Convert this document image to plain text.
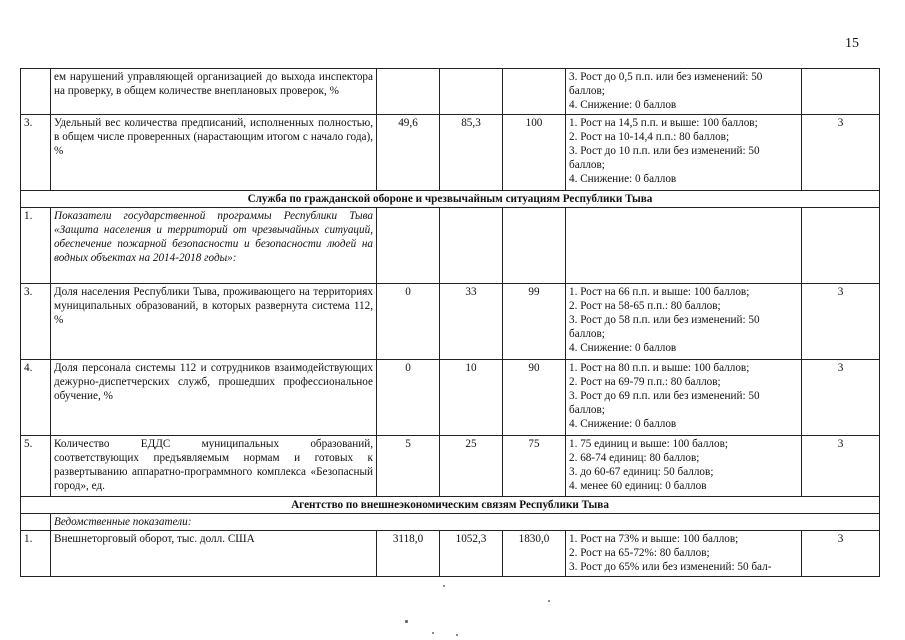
15
	ем нарушений управляющей организацией до выхода инспектора на проверку, в общем количестве внеплановых проверок, %				3. Рост до 0,5 п.п. или без изменений: 50 баллов;
4. Снижение: 0 баллов	

3.	Удельный вес количества предписаний, исполненных полностью, в общем числе проверенных (нарастающим итогом с начало года), %	49,6	85,3	100	1. Рост на 14,5 п.п. и выше: 100 баллов;
2. Рост на 10-14,4 п.п.: 80 баллов;
3. Рост до 10 п.п. или без изменений: 50 баллов;
4. Снижение: 0 баллов	3
Служба по гражданской обороне и чрезвычайным ситуациям Республики Тыва						
1.	Показатели государственной программы Республики Тыва «Защита населения и территорий от чрезвычайных ситуаций, обеспечение пожарной безопасности и безопасности людей на водных объектах на 2014-2018 годы»:					
3.	Доля населения Республики Тыва, проживающего на территориях муниципальных образований, в которых развернута система 112, %	0	33	99	1. Рост на 66 п.п. и выше: 100 баллов;
2. Рост на 58-65 п.п.: 80 баллов;
3. Рост до 58 п.п. или без изменений: 50 баллов;
4. Снижение: 0 баллов	3
4.	Доля персонала системы 112 и сотрудников взаимодействующих дежурно-диспетчерских служб, прошедших профессиональное обучение, %	0	10	90	1. Рост на 80 п.п. и выше: 100 баллов;
2. Рост на 69-79 п.п.: 80 баллов;
3. Рост до 69 п.п. или без изменений: 50 баллов;
4. Снижение: 0 баллов	3
5.	Количество ЕДДС муниципальных образований, соответствующих предъявляемым нормам и готовых к развертыванию аппаратно-программного комплекса «Безопасный город», ед.	5	25	75	1. 75 единиц и выше: 100 баллов;
2. 68-74 единиц: 80 баллов;
3. до 60-67 единиц: 50 баллов;
4. менее 60 единиц: 0 баллов	3
Агентство по внешнеэкономическим связям Республики Тыва						
	Ведомственные показатели:					
1.	Внешнеторговый оборот, тыс. долл. США	3118,0	1052,3	1830,0	1. Рост на 73% и выше: 100 баллов;
2. Рост на 65-72%: 80 баллов;
3. Рост до 65% или без изменений: 50 бал-	3
